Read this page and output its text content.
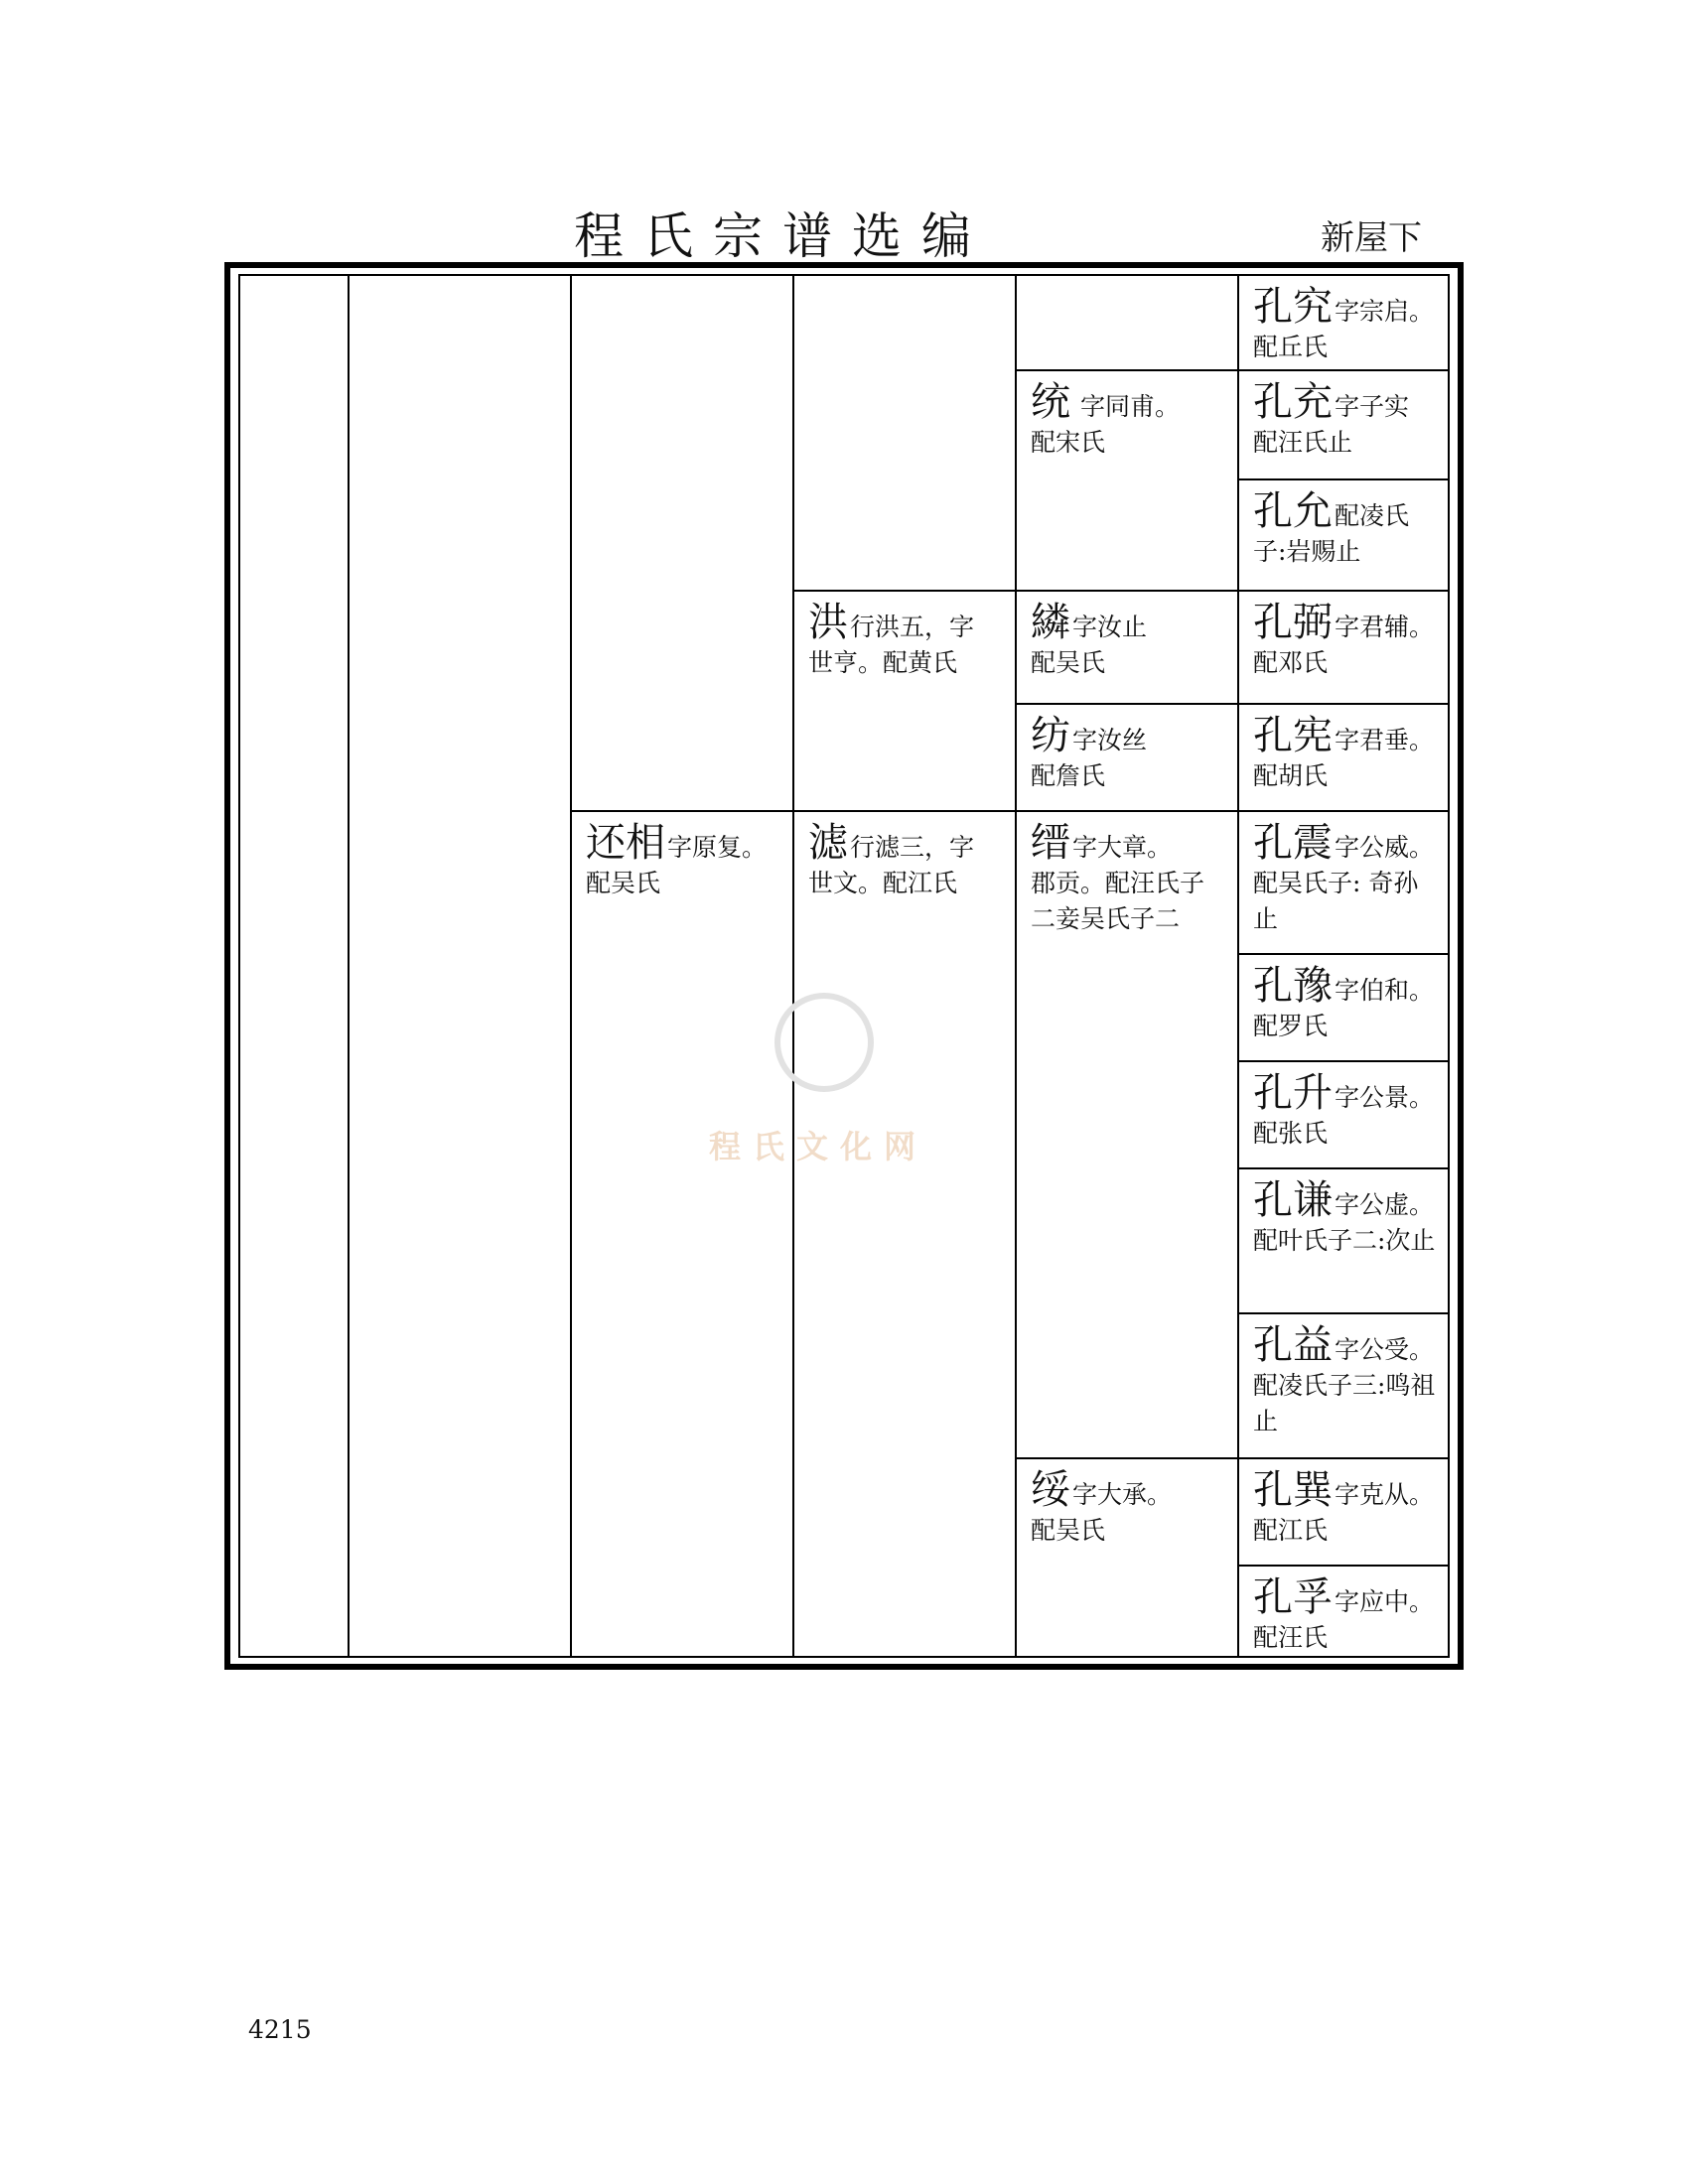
程氏宗谱选编	新屋下
还相字原复。
配吴氏
洪行洪五，字
世亨。配黄氏
滤行滤三，字
世文。配江氏
统 字同甫。
配宋氏
繗字汝止
配吴氏
纺字汝丝
配詹氏
缙字大章。
郡贡。配汪氏子二妾吴氏子二
绥字大承。
配吴氏
孔究字宗启。
配丘氏
孔充字子实
配汪氏止
孔允配凌氏
子:岩赐止
孔弼字君辅。
配邓氏
孔宪字君垂。
配胡氏
孔震字公威。
配吴氏子: 奇孙止
孔豫字伯和。
配罗氏
孔升字公景。
配张氏
孔谦字公虚。
配叶氏子二:次止
孔益字公受。
配凌氏子三:鸣祖止
孔巽字克从。
配江氏
孔孚字应中。
配汪氏
程氏文化网
4215
